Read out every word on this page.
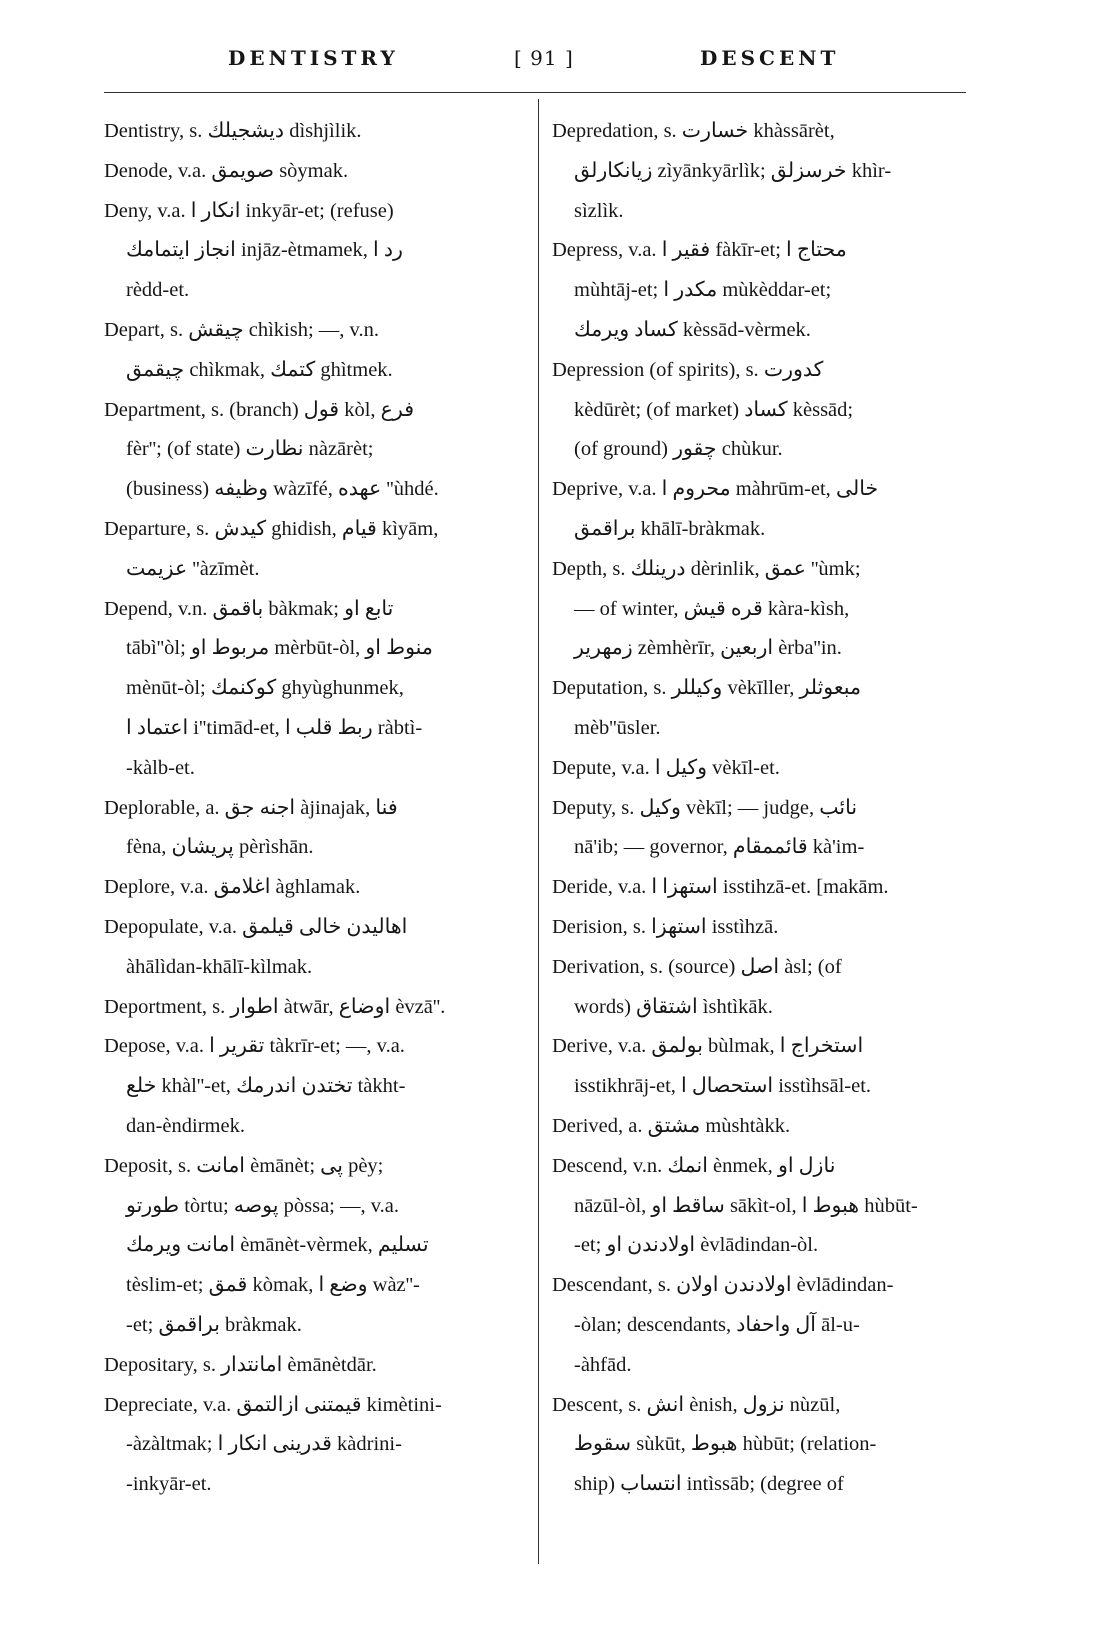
DENTISTRY	[ 91 ]	DESCENT
Dentistry, s. دیشجیلك dìshjìlik.
Denode, v.a. صویمق sòymak.
Deny, v.a. انكار ا inkyār-et; (refuse)
انجاز ایتمامك injāz-ètmamek, رد ا
rèdd-et.
Depart, s. چیقش chìkish; —, v.n.
چیقمق chìkmak, كتمك ghìtmek.
Department, s. (branch) قول kòl, فرع
fèr''; (of state) نظارت nàzārèt;
(business) وظیفه wàzīfé, عهده ''ùhdé.
Departure, s. كیدش ghidish, قیام kìyām,
عزیمت ''àzīmèt.
Depend, v.n. باقمق bàkmak; تابع او
tābì''òl; مربوط او mèrbūt-òl, منوط او
mènūt-òl; كوكنمك ghyùghunmek,
اعتماد ا i''timād-et, ربط قلب ا ràbtì-
-kàlb-et.
Deplorable, a. اجنه جق àjinajak, فنا
fèna, پریشان pèrìshān.
Deplore, v.a. اغلامق àghlamak.
Depopulate, v.a. اهالیدن خالی قیلمق
àhālìdan-khālī-kìlmak.
Deportment, s. اطوار àtwār, اوضاع èvzā''.
Depose, v.a. تقریر ا tàkrīr-et; —, v.a.
خلع khàl''-et, تختدن اندرمك tàkht-
dan-èndirmek.
Deposit, s. امانت èmānèt; پی pèy;
طورتو tòrtu; پوصه pòssa; —, v.a.
امانت ویرمك èmānèt-vèrmek, تسلیم
tèslim-et; قمق kòmak, وضع ا wàz''-
-et; براقمق bràkmak.
Depositary, s. امانتدار èmānètdār.
Depreciate, v.a. قیمتنی ازالتمق kimètini-
-àzàltmak; قدرینی انكار ا kàdrini-
-inkyār-et.
Depredation, s. خسارت khàssārèt,
زیانكارلق zìyānkyārlìk; خرسزلق khìr-
sìzlìk.
Depress, v.a. فقیر ا fàkīr-et; محتاج ا
mùhtāj-et; مكدر ا mùkèddar-et;
كساد ویرمك kèssād-vèrmek.
Depression (of spirits), s. كدورت
kèdūrèt; (of market) كساد kèssād;
(of ground) چقور chùkur.
Deprive, v.a. محروم ا màhrūm-et, خالی
براقمق khālī-bràkmak.
Depth, s. درینلك dèrinlik, عمق ''ùmk;
— of winter, قره قیش kàra-kìsh,
زمهریر zèmhèrīr, اربعین èrba''in.
Deputation, s. وكیللر vèkīller, مبعوثلر
mèb''ūsler.
Depute, v.a. وكیل ا vèkīl-et.
Deputy, s. وكیل vèkīl; — judge, نائب
nā'ib; — governor, قائممقام kà'im-
Deride, v.a. استهزا ا isstihzā-et. [makām.
Derision, s. استهزا isstìhzā.
Derivation, s. (source) اصل àsl; (of
words) اشتقاق ìshtìkāk.
Derive, v.a. بولمق bùlmak, استخراج ا
isstikhrāj-et, استحصال ا isstìhsāl-et.
Derived, a. مشتق mùshtàkk.
Descend, v.n. انمك ènmek, نازل او
nāzūl-òl, ساقط او sākìt-ol, هبوط ا hùbūt-
-et; اولادندن او èvlādindan-òl.
Descendant, s. اولادندن اولان èvlādindan-
-òlan; descendants, آل واحفاد āl-u-
-àhfād.
Descent, s. انش ènish, نزول nùzūl,
سقوط sùkūt, هبوط hùbūt; (relation-
ship) انتساب intìssāb; (degree of
